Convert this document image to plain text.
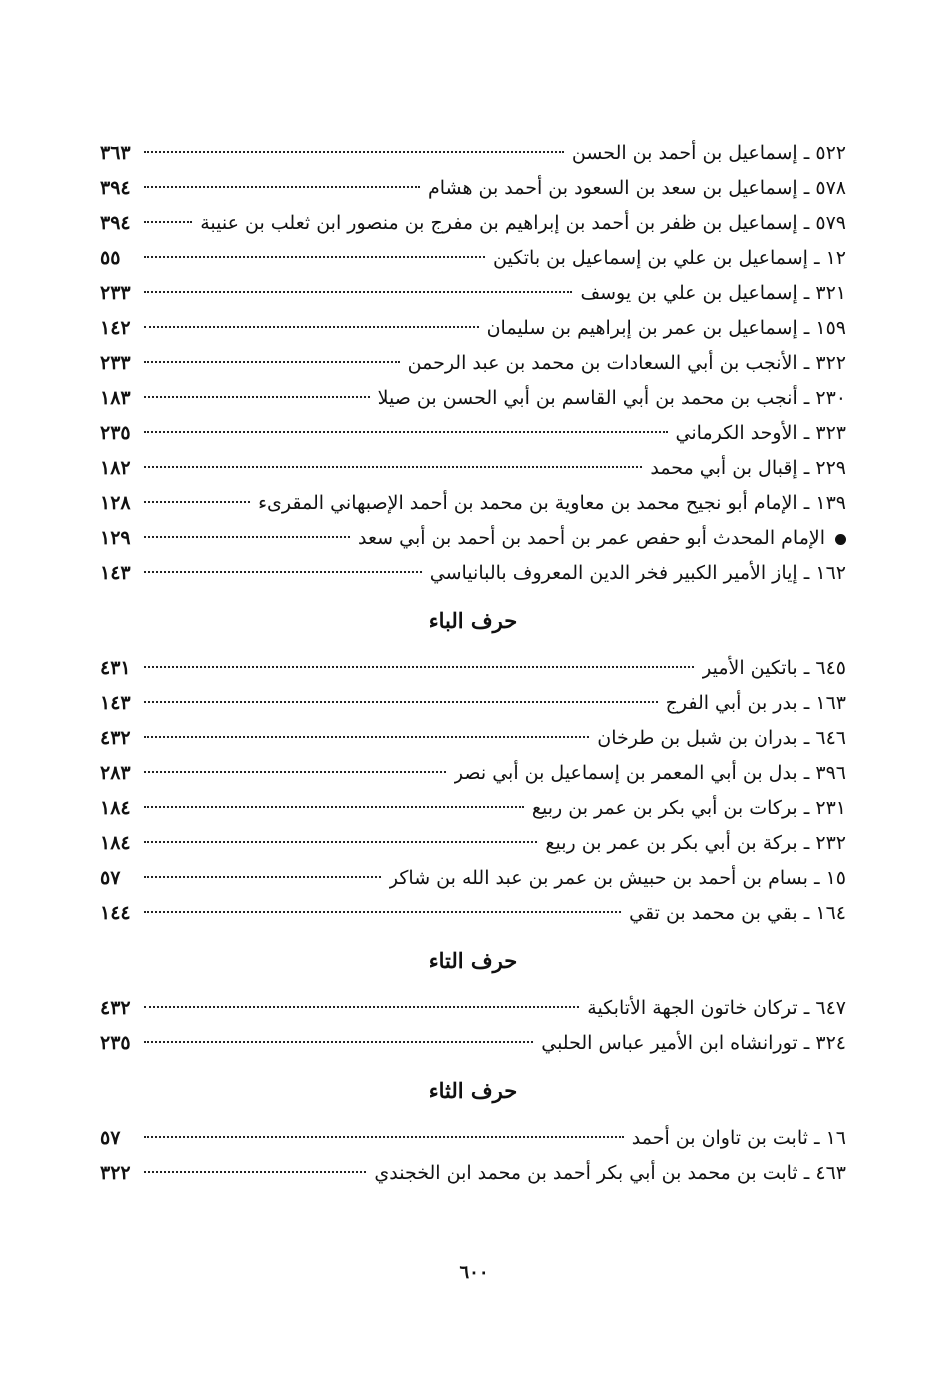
٥٢٢ ـ إسماعيل بن أحمد بن الحسن
٣٦٣
٥٧٨ ـ إسماعيل بن سعد بن السعود بن أحمد بن هشام
٣٩٤
٥٧٩ ـ إسماعيل بن ظفر بن أحمد بن إبراهيم بن مفرج بن منصور ابن ثعلب بن عنيبة
٣٩٤
١٢ ـ إسماعيل بن علي بن إسماعيل بن باتكين
٥٥
٣٢١ ـ إسماعيل بن علي بن يوسف
٢٣٣
١٥٩ ـ إسماعيل بن عمر بن إبراهيم بن سليمان
١٤٢
٣٢٢ ـ الأنجب بن أبي السعادات بن محمد بن عبد الرحمن
٢٣٣
٢٣٠ ـ أنجب بن محمد بن أبي القاسم بن أبي الحسن بن صيلا
١٨٣
٣٢٣ ـ الأوحد الكرماني
٢٣٥
٢٢٩ ـ إقبال بن أبي محمد
١٨٢
١٣٩ ـ الإمام أبو نجيح محمد بن معاوية بن محمد بن أحمد الإصبهاني المقرىء
١٢٨
الإمام المحدث أبو حفص عمر بن أحمد بن أحمد بن أبي سعد
١٢٩
١٦٢ ـ إياز الأمير الكبير فخر الدين المعروف بالبانياسي
١٤٣
حرف الباء
٦٤٥ ـ باتكين الأمير
٤٣١
١٦٣ ـ بدر بن أبي الفرج
١٤٣
٦٤٦ ـ بدران بن شبل بن طرخان
٤٣٢
٣٩٦ ـ بدل بن أبي المعمر بن إسماعيل بن أبي نصر
٢٨٣
٢٣١ ـ بركات بن أبي بكر بن عمر بن ربيع
١٨٤
٢٣٢ ـ بركة بن أبي بكر بن عمر بن ربيع
١٨٤
١٥ ـ بسام بن أحمد بن حبيش بن عمر بن عبد الله بن شاكر
٥٧
١٦٤ ـ بقي بن محمد بن تقي
١٤٤
حرف التاء
٦٤٧ ـ تركان خاتون الجهة الأتابكية
٤٣٢
٣٢٤ ـ تورانشاه ابن الأمير عباس الحلبي
٢٣٥
حرف الثاء
١٦ ـ ثابت بن تاوان بن أحمد
٥٧
٤٦٣ ـ ثابت بن محمد بن أبي بكر أحمد بن محمد ابن الخجندي
٣٢٢
٦٠٠
